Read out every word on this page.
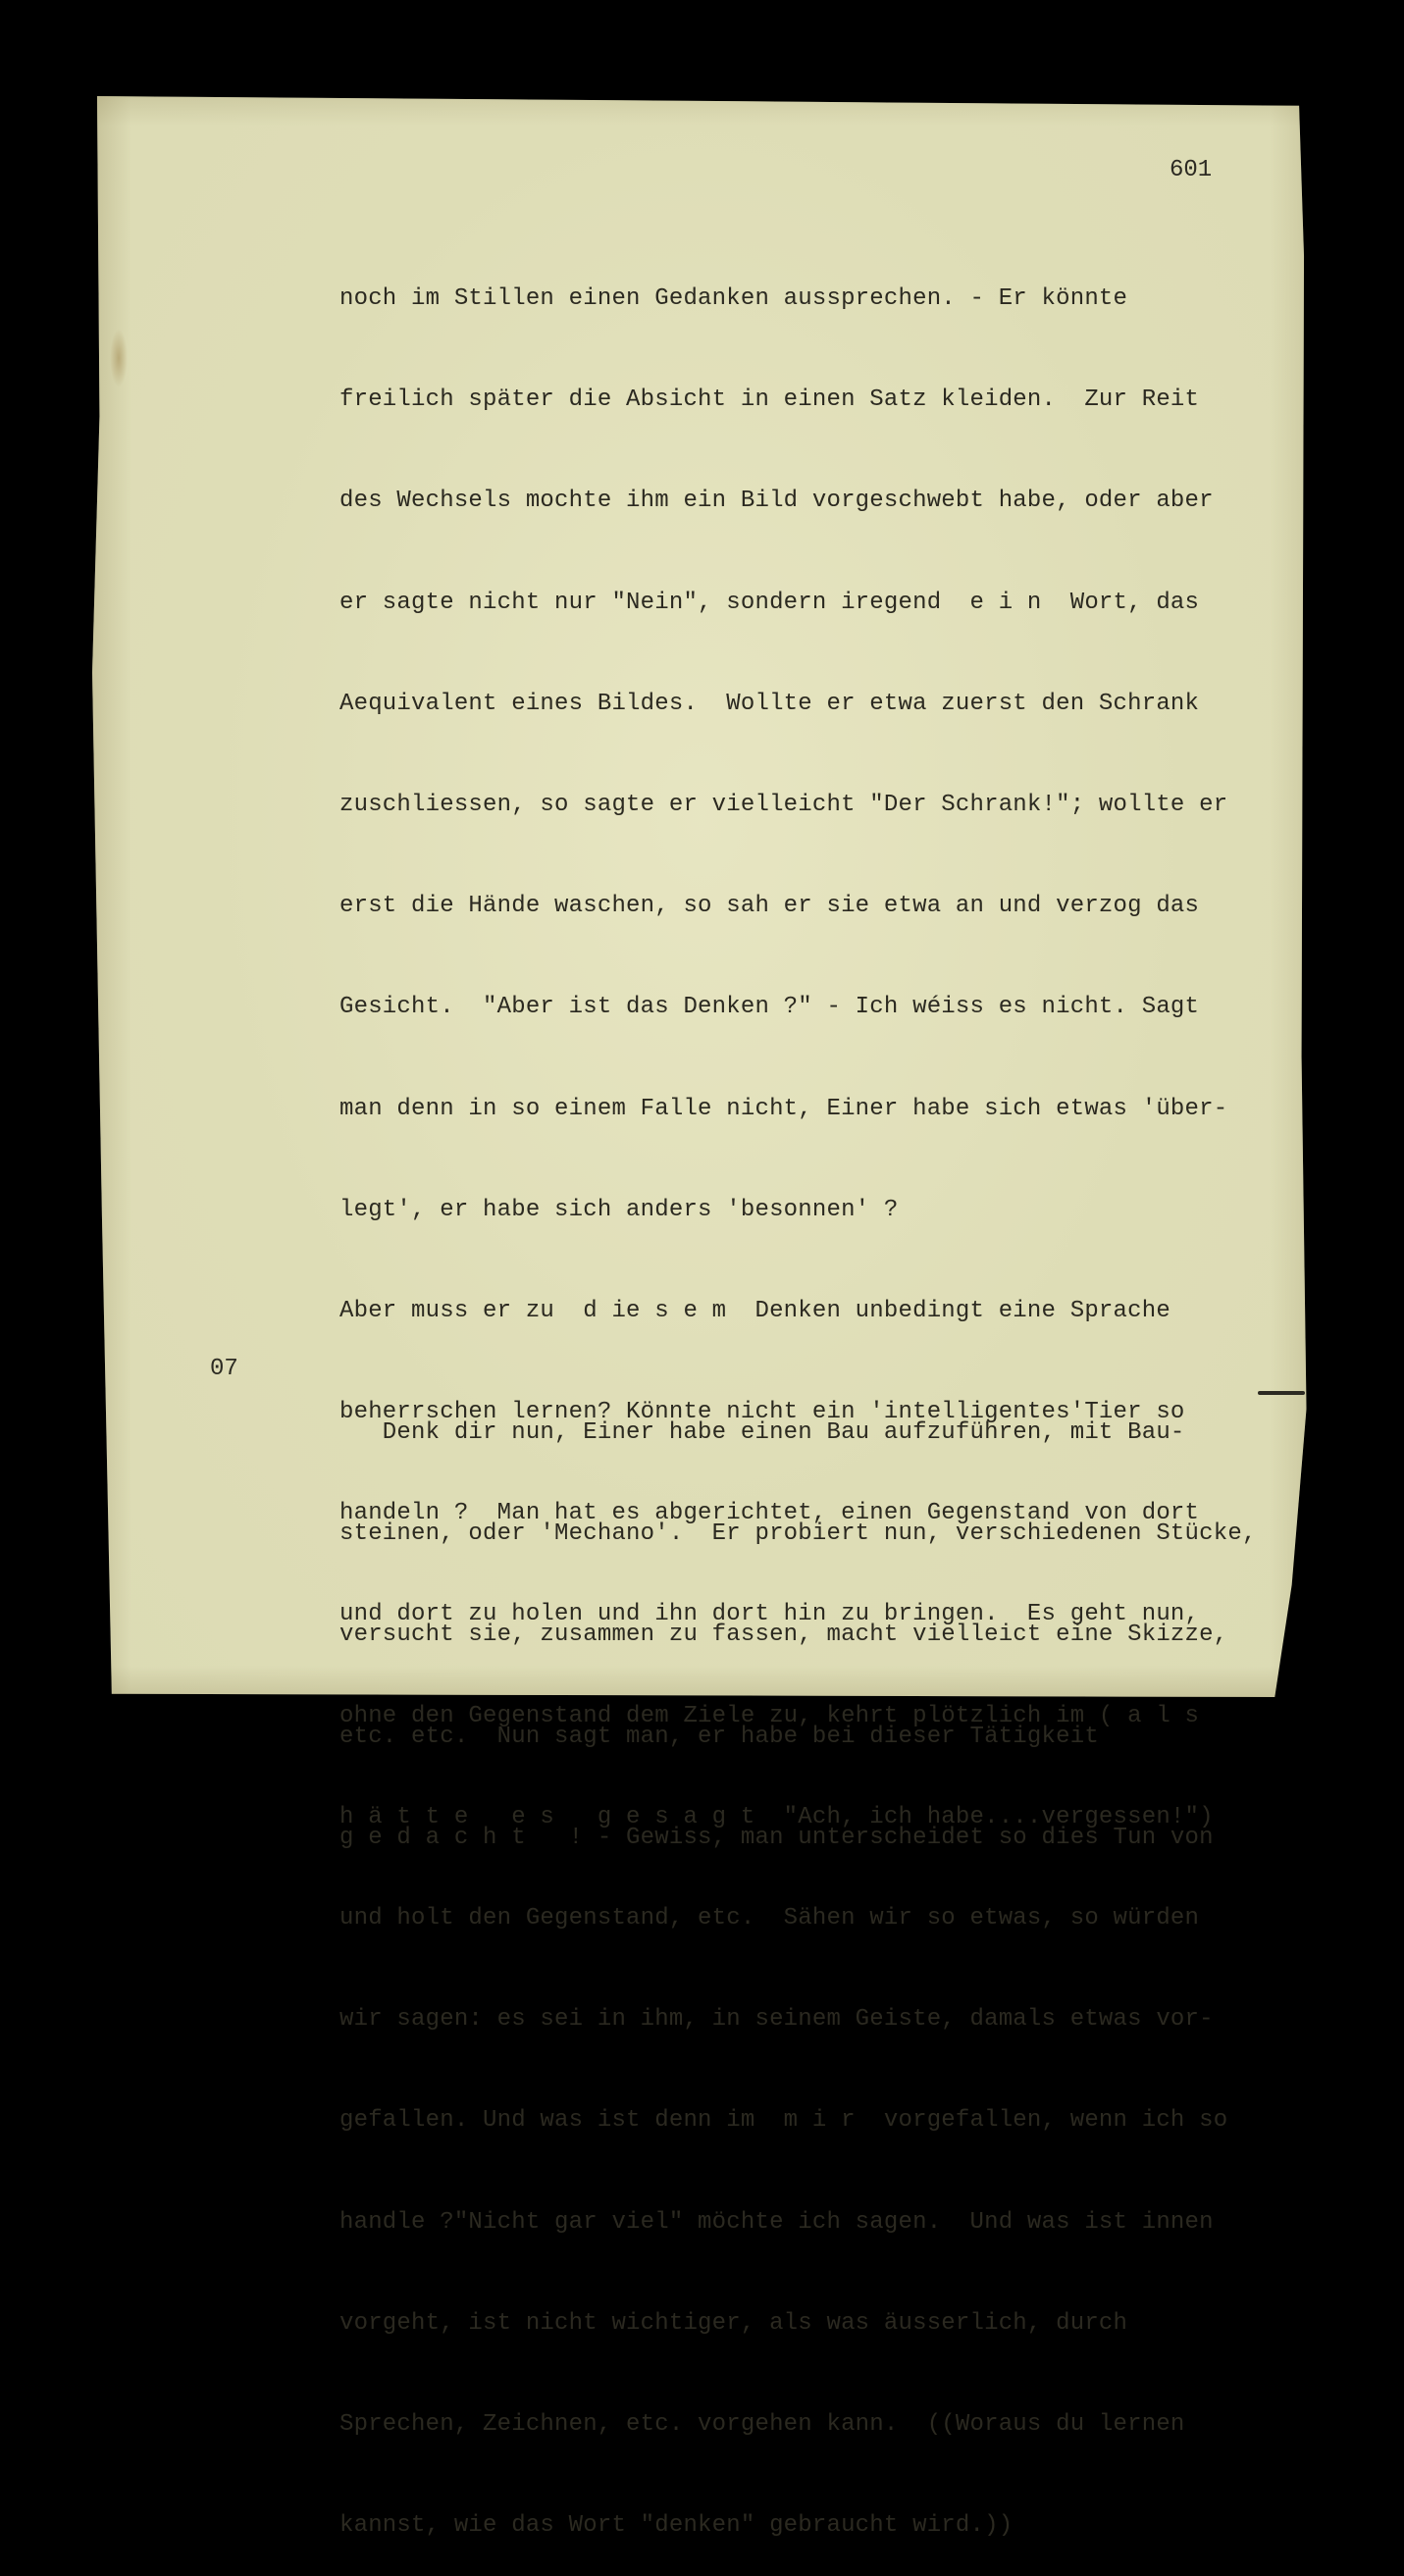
601
07

noch im Stillen einen Gedanken aussprechen. - Er könnte

freilich später die Absicht in einen Satz kleiden.  Zur Reit

des Wechsels mochte ihm ein Bild vorgeschwebt habe, oder aber

er sagte nicht nur "Nein", sondern iregend  e i n  Wort, das

Aequivalent eines Bildes.  Wollte er etwa zuerst den Schrank

zuschliessen, so sagte er vielleicht "Der Schrank!"; wollte er

erst die Hände waschen, so sah er sie etwa an und verzog das

Gesicht.  "Aber ist das Denken ?" - Ich wéiss es nicht. Sagt

man denn in so einem Falle nicht, Einer habe sich etwas 'über-

legt', er habe sich anders 'besonnen' ?

Aber muss er zu  d ie s e m  Denken unbedingt eine Sprache

beherrschen lernen? Könnte nicht ein 'intelligentes'Tier so

handeln ?  Man hat es abgerichtet, einen Gegenstand von dort

und dort zu holen und ihn dort hin zu bringen.  Es geht nun,

ohne den Gegenstand dem Ziele zu, kehrt plötzlich im ( a l s

h ä t t e   e s   g e s a g t  "Ach, ich habe....vergessen!")

und holt den Gegenstand, etc.  Sähen wir so etwas, so würden

wir sagen: es sei in ihm, in seinem Geiste, damals etwas vor-

gefallen. Und was ist denn im  m i r  vorgefallen, wenn ich so

handle ?"Nicht gar viel" möchte ich sagen.  Und was ist innen

vorgeht, ist nicht wichtiger, als was äusserlich, durch

Sprechen, Zeichnen, etc. vorgehen kann.  ((Woraus du lernen

kannst, wie das Wort "denken" gebraucht wird.))

Denk dir nun, Einer habe einen Bau aufzuführen, mit Bau-

steinen, oder 'Mechano'.  Er probiert nun, verschiedenen Stücke,

versucht sie, zusammen zu fassen, macht vielleict eine Skizze,

etc. etc.  Nun sagt man, er habe bei dieser Tätigkeit

g e d a c h t   ! - Gewiss, man unterscheidet so dies Tun von
